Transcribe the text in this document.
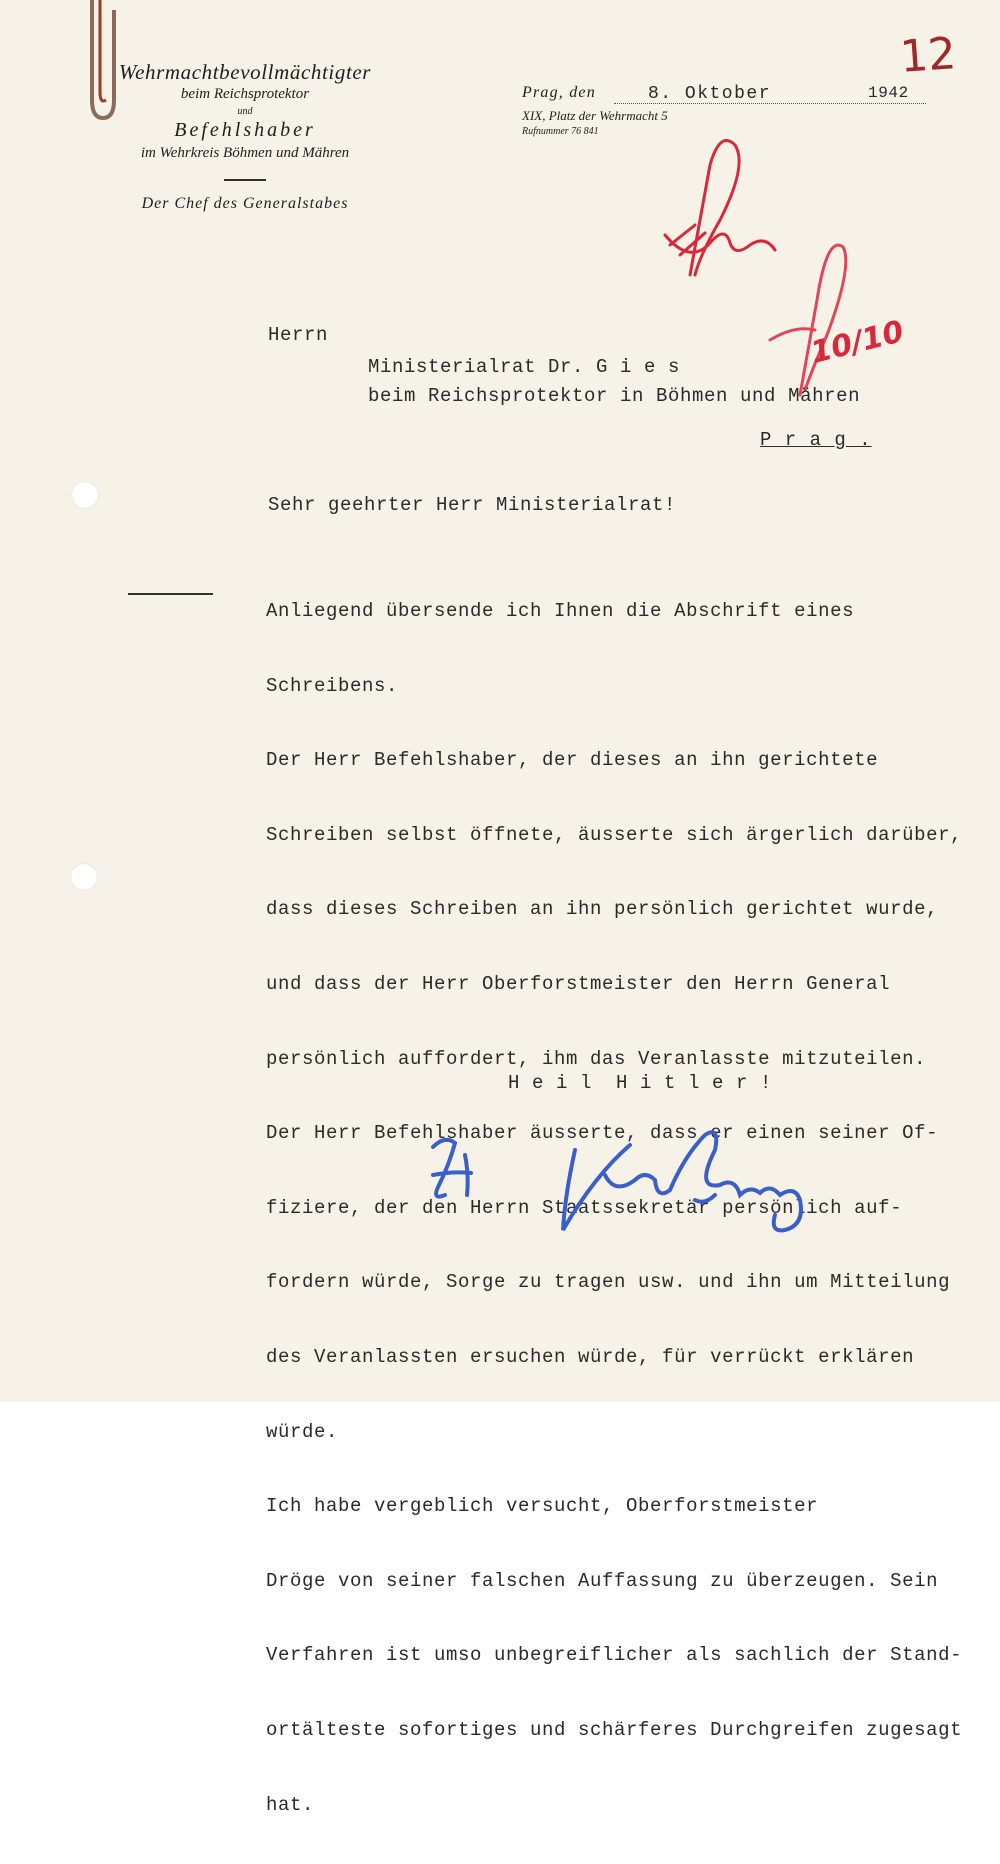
Wehrmachtbevollmächtigter
beim Reichsprotektor
und
Befehlshaber
im Wehrkreis Böhmen und Mähren
Der Chef des Generalstabes
Prag, den	8. Oktober	1942
XIX, Platz der Wehrmacht 5
Rufnummer 76 841
12
10/10
Herrn
Ministerialrat Dr. G i e s
beim Reichsprotektor in Böhmen und Mähren
P r a g .
Sehr geehrter Herr Ministerialrat!

Anliegend übersende ich Ihnen die Abschrift eines

Schreibens.

Der Herr Befehlshaber, der dieses an ihn gerichtete

Schreiben selbst öffnete, äusserte sich ärgerlich darüber,

dass dieses Schreiben an ihn persönlich gerichtet wurde,

und dass der Herr Oberforstmeister den Herrn General

persönlich auffordert, ihm das Veranlasste mitzuteilen.

Der Herr Befehlshaber äusserte, dass er einen seiner Of-

fiziere, der den Herrn Staatssekretär persönlich auf-

fordern würde, Sorge zu tragen usw. und ihn um Mitteilung

des Veranlassten ersuchen würde, für verrückt erklären

würde.

Ich habe vergeblich versucht, Oberforstmeister

Dröge von seiner falschen Auffassung zu überzeugen. Sein

Verfahren ist umso unbegreiflicher als sachlich der Stand-

ortälteste sofortiges und schärferes Durchgreifen zugesagt

hat.

H e i l  H i t l e r !
